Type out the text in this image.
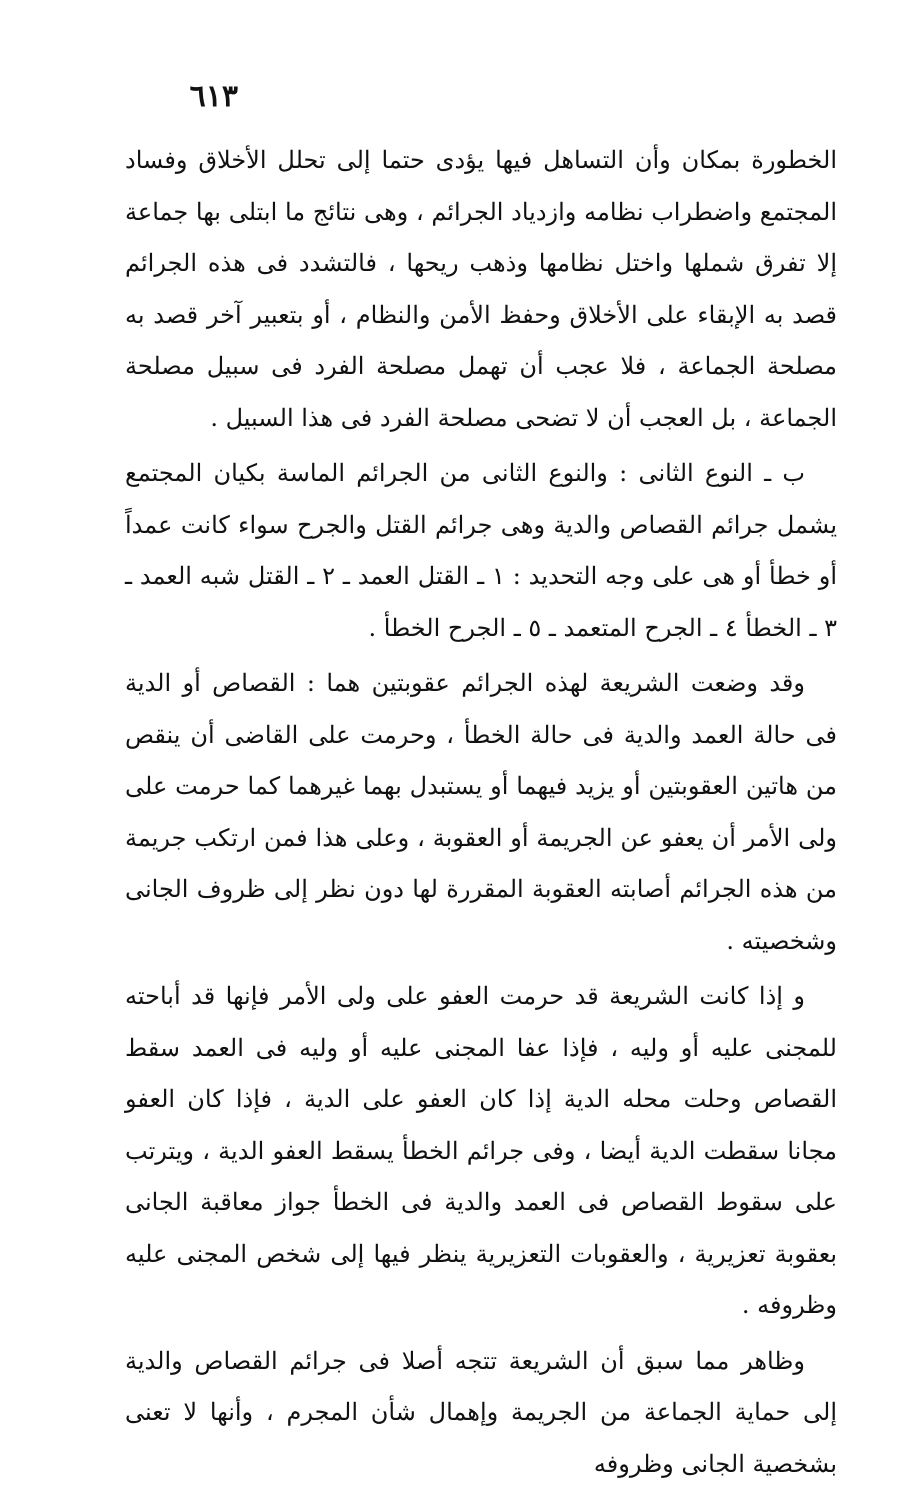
٦١٣

الخطورة بمكان وأن التساهل فيها يؤدى حتما إلى تحلل الأخلاق وفساد المجتمع واضطراب نظامه وازدياد الجرائم ، وهى نتائج ما ابتلى بها جماعة إلا تفرق شملها واختل نظامها وذهب ريحها ، فالتشدد فى هذه الجرائم قصد به الإبقاء على الأخلاق وحفظ الأمن والنظام ، أو بتعبير آخر قصد به مصلحة الجماعة ، فلا عجب أن تهمل مصلحة الفرد فى سبيل مصلحة الجماعة ، بل العجب أن لا تضحى مصلحة الفرد فى هذا السبيل .

ب ـ النوع الثانى : والنوع الثانى من الجرائم الماسة بكيان المجتمع يشمل جرائم القصاص والدية وهى جرائم القتل والجرح سواء كانت عمداً أو خطأ أو هى على وجه التحديد : ١ ـ القتل العمد ـ ٢ ـ القتل شبه العمد ـ ٣ ـ الخطأ ٤ ـ الجرح المتعمد ـ ٥ ـ الجرح الخطأ .

وقد وضعت الشريعة لهذه الجرائم عقوبتين هما : القصاص أو الدية فى حالة العمد والدية فى حالة الخطأ ، وحرمت على القاضى أن ينقص من هاتين العقوبتين أو يزيد فيهما أو يستبدل بهما غيرهما كما حرمت على ولى الأمر أن يعفو عن الجريمة أو العقوبة ، وعلى هذا فمن ارتكب جريمة من هذه الجرائم أصابته العقوبة المقررة لها دون نظر إلى ظروف الجانى وشخصيته .

و إذا كانت الشريعة قد حرمت العفو على ولى الأمر فإنها قد أباحته للمجنى عليه أو وليه ، فإذا عفا المجنى عليه أو وليه فى العمد سقط القصاص وحلت محله الدية إذا كان العفو على الدية ، فإذا كان العفو مجانا سقطت الدية أيضا ، وفى جرائم الخطأ يسقط العفو الدية ، ويترتب على سقوط القصاص فى العمد والدية فى الخطأ جواز معاقبة الجانى بعقوبة تعزيرية ، والعقوبات التعزيرية ينظر فيها إلى شخص المجنى عليه وظروفه .

وظاهر مما سبق أن الشريعة تتجه أصلا فى جرائم القصاص والدية إلى حماية الجماعة من الجريمة وإهمال شأن المجرم ، وأنها لا تعنى بشخصية الجانى وظروفه
